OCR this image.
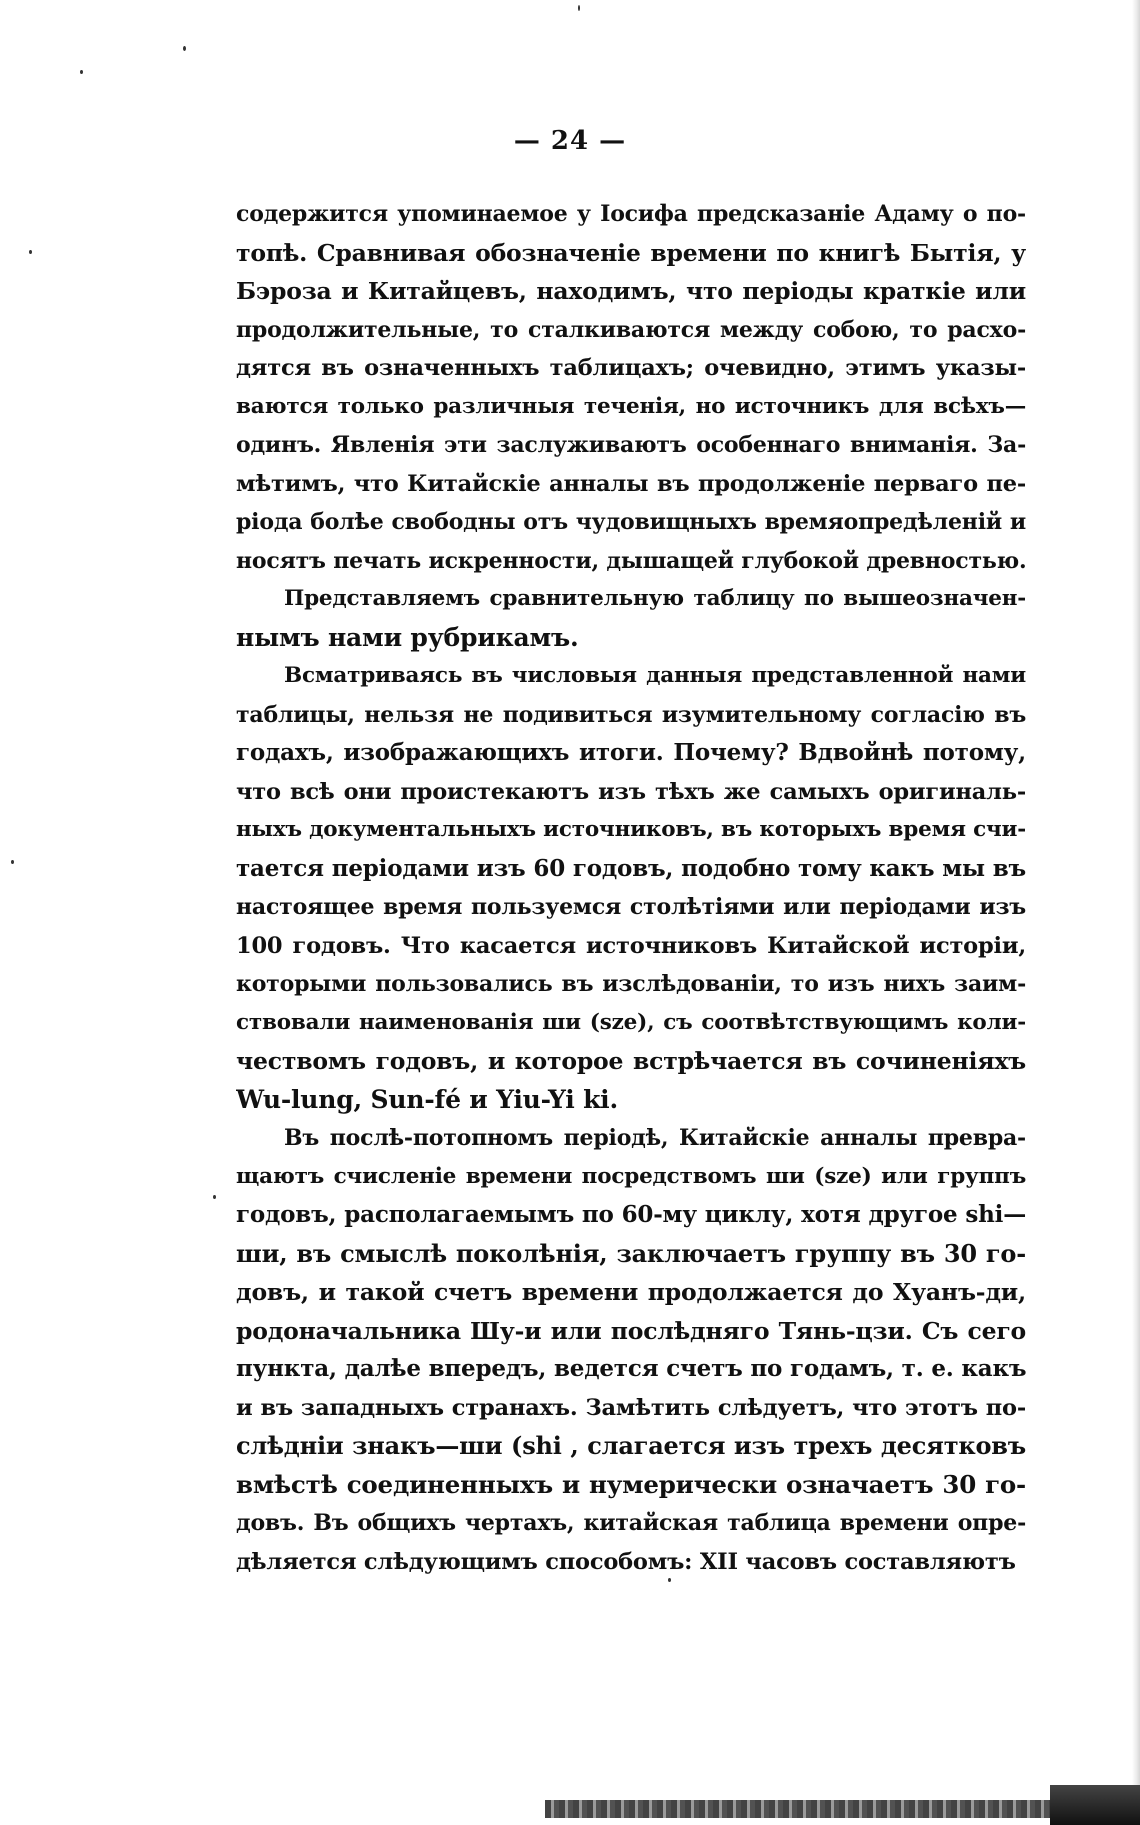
— 24 —
содержится упоминаемое у Іосифа предсказаніе Адаму о по-
топѣ. Сравнивая обозначеніе времени по книгѣ Бытія, у
Бэроза и Китайцевъ, находимъ, что періоды краткіе или
продолжительные, то сталкиваются между собою, то расхо-
дятся въ означенныхъ таблицахъ; очевидно, этимъ указы-
ваются только различныя теченія, но источникъ для всѣхъ—
одинъ. Явленія эти заслуживаютъ особеннаго вниманія. За-
мѣтимъ, что Китайскіе анналы въ продолженіе перваго пе-
ріода болѣе свободны отъ чудовищныхъ времяопредѣленій и
носятъ печать искренности, дышащей глубокой древностью.
Представляемъ сравнительную таблицу по вышеозначен-
нымъ нами рубрикамъ.
Всматриваясь въ числовыя данныя представленной нами
таблицы, нельзя не подивиться изумительному согласію въ
годахъ, изображающихъ итоги. Почему? Вдвойнѣ потому,
что всѣ они проистекаютъ изъ тѣхъ же самыхъ оригиналь-
ныхъ документальныхъ источниковъ, въ которыхъ время счи-
тается періодами изъ 60 годовъ, подобно тому какъ мы въ
настоящее время пользуемся столѣтіями или періодами изъ
100 годовъ. Что касается источниковъ Китайской исторіи,
которыми пользовались въ изслѣдованіи, то изъ нихъ заим-
ствовали наименованія ши (sze), съ соотвѣтствующимъ коли-
чествомъ годовъ, и которое встрѣчается въ сочиненіяхъ
Wu-lung, Sun-fé и Yiu-Yi ki.
Въ послѣ-потопномъ періодѣ, Китайскіе анналы превра-
щаютъ счисленіе времени посредствомъ ши (sze) или группъ
годовъ, располагаемымъ по 60-му циклу, хотя другое shi—
ши, въ смыслѣ поколѣнія, заключаетъ группу въ 30 го-
довъ, и такой счетъ времени продолжается до Хуанъ-ди,
родоначальника Шу-и или послѣдняго Тянь-цзи. Съ сего
пункта, далѣе впередъ, ведется счетъ по годамъ, т. е. какъ
и въ западныхъ странахъ. Замѣтить слѣдуетъ, что этотъ по-
слѣдніи знакъ—ши (shi , слагается изъ трехъ десятковъ
вмѣстѣ соединенныхъ и нумерически означаетъ 30 го-
довъ. Въ общихъ чертахъ, китайская таблица времени опре-
дѣляется слѣдующимъ способомъ: XII часовъ составляютъ
